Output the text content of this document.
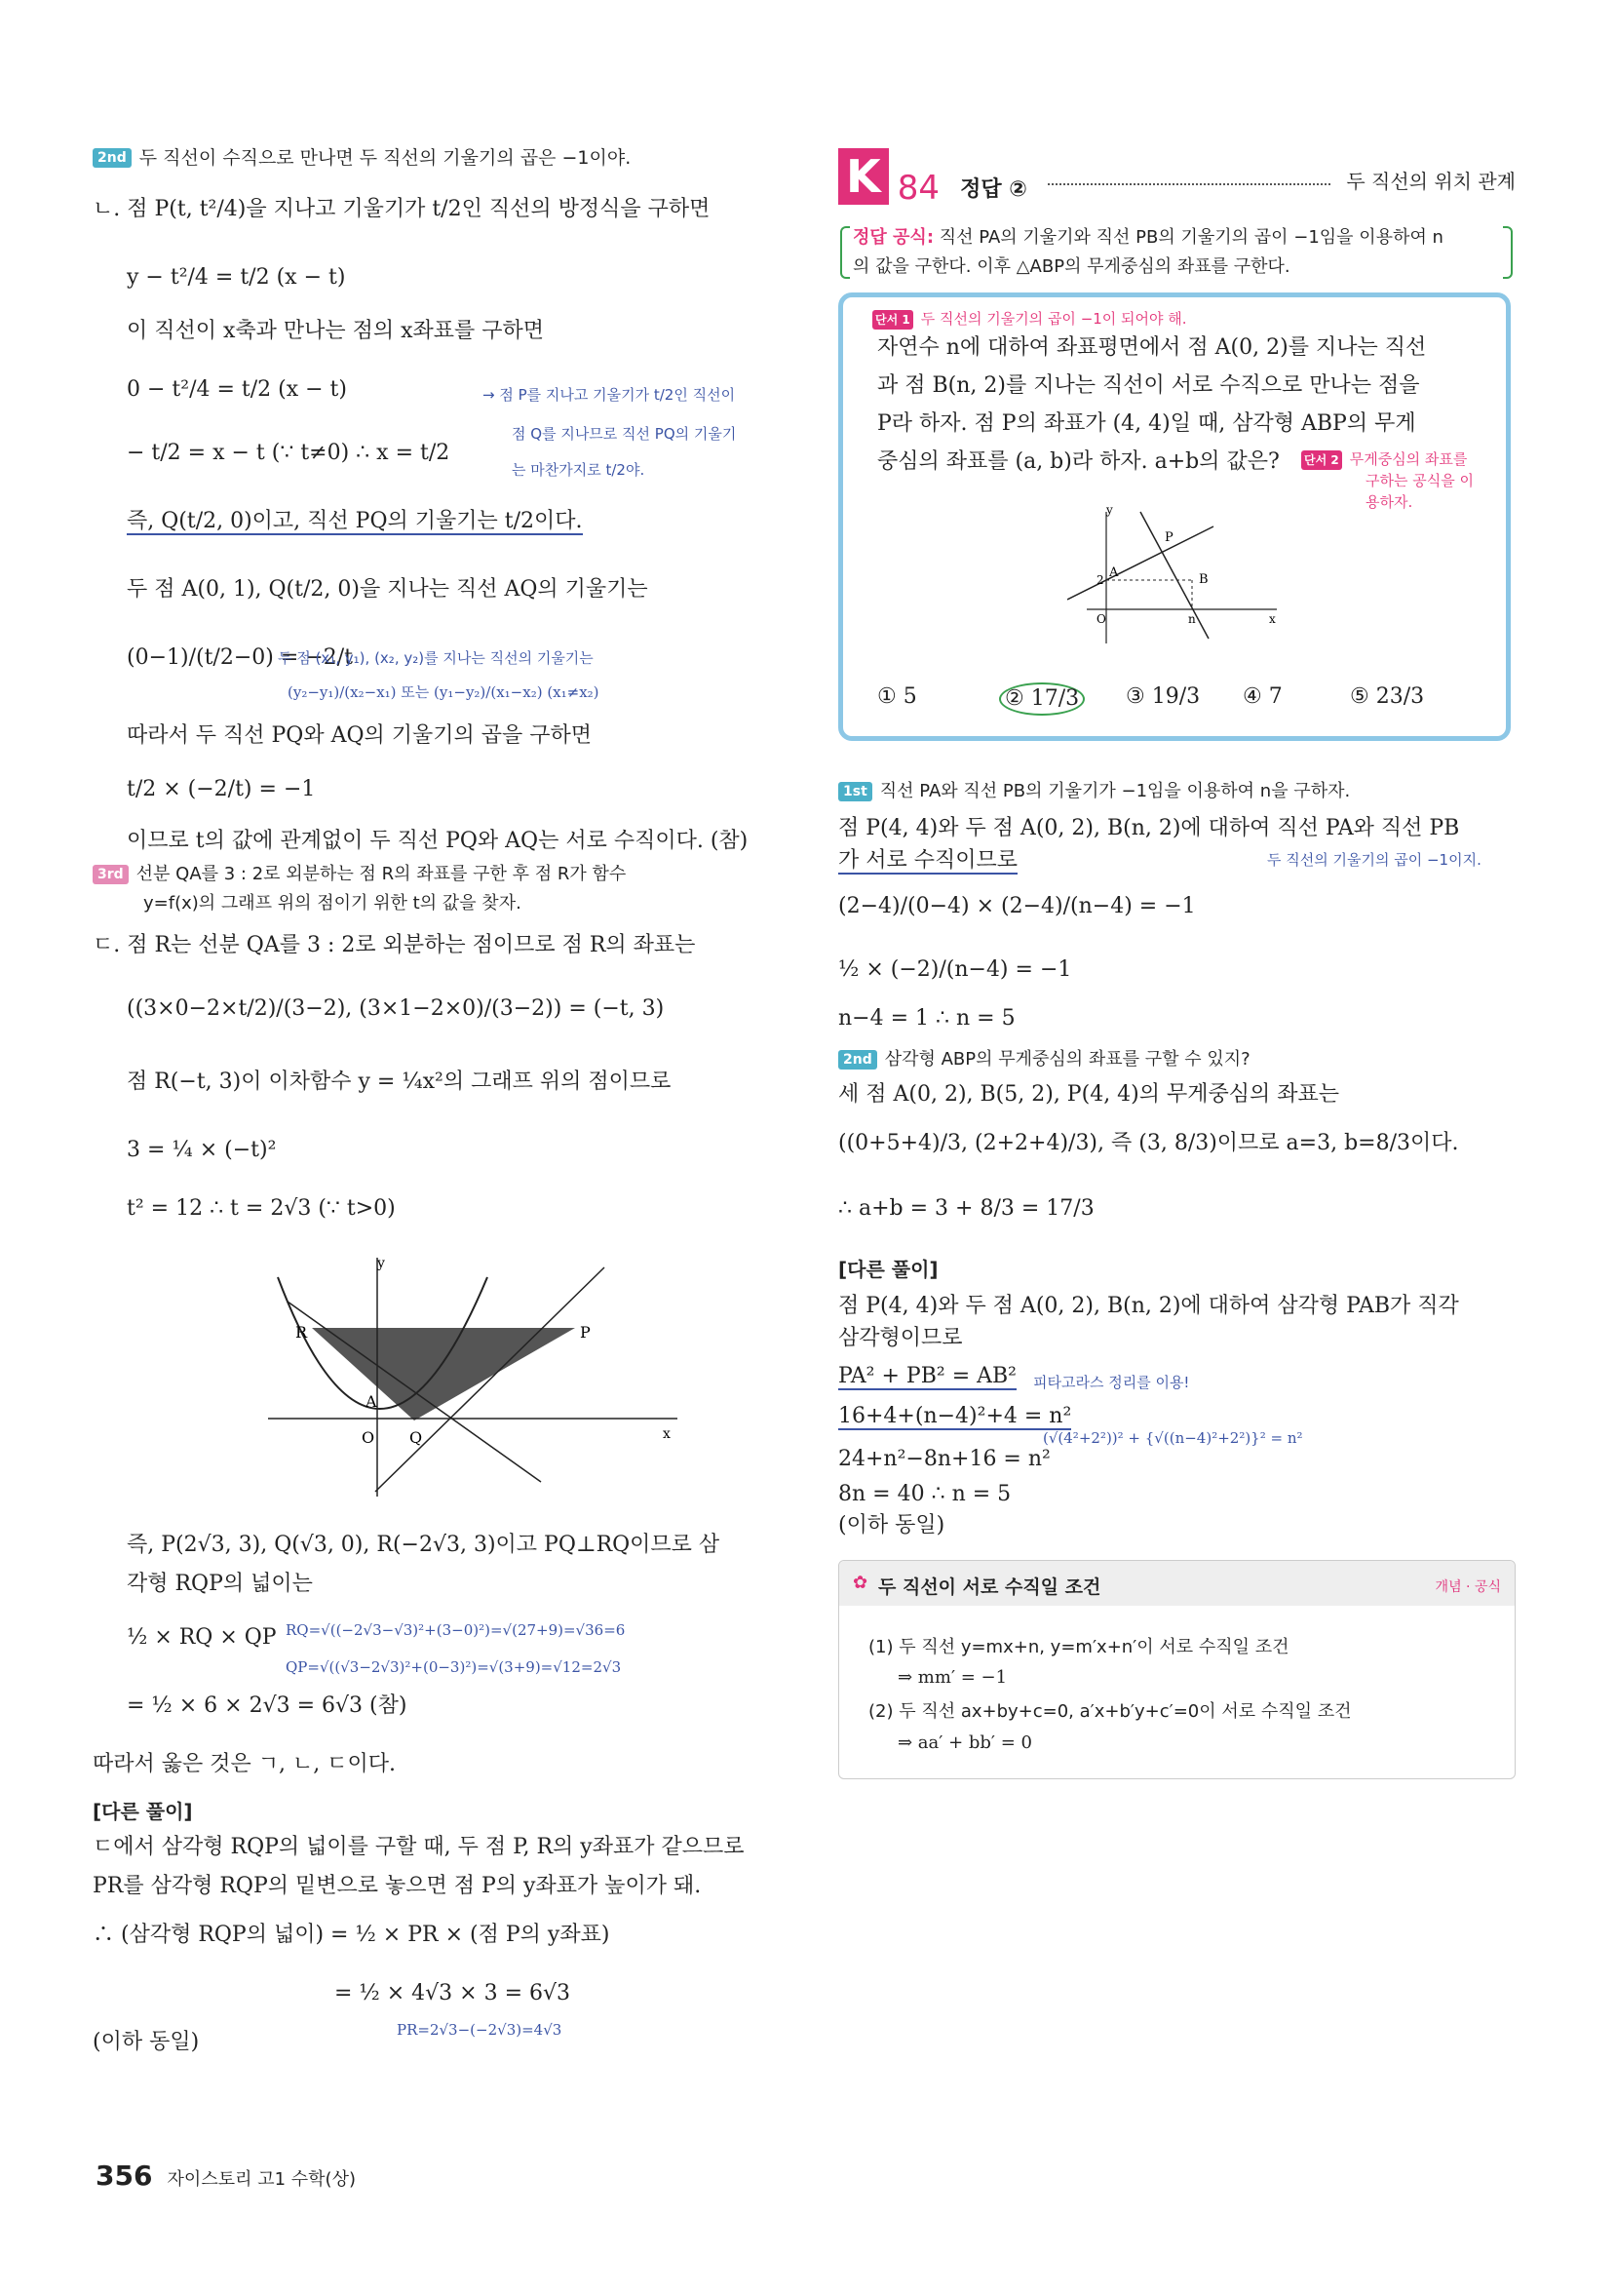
2nd 두 직선이 수직으로 만나면 두 직선의 기울기의 곱은 −1이야.
ㄴ. 점 P(t, t²/4)을 지나고 기울기가 t/2인 직선의 방정식을 구하면
y − t²/4 = t/2 (x − t)
이 직선이 x축과 만나는 점의 x좌표를 구하면
0 − t²/4 = t/2 (x − t)
− t/2 = x − t (∵ t≠0) ∴ x = t/2
→ 점 P를 지나고 기울기가 t/2인 직선이
점 Q를 지나므로 직선 PQ의 기울기
는 마찬가지로 t/2야.
즉, Q(t/2, 0)이고, 직선 PQ의 기울기는 t/2이다.
두 점 A(0, 1), Q(t/2, 0)을 지나는 직선 AQ의 기울기는
(0−1)/(t/2−0) = −2/t
두 점 (x₁, y₁), (x₂, y₂)를 지나는 직선의 기울기는
(y₂−y₁)/(x₂−x₁) 또는 (y₁−y₂)/(x₁−x₂) (x₁≠x₂)
따라서 두 직선 PQ와 AQ의 기울기의 곱을 구하면
t/2 × (−2/t) = −1
이므로 t의 값에 관계없이 두 직선 PQ와 AQ는 서로 수직이다. (참)
3rd 선분 QA를 3 : 2로 외분하는 점 R의 좌표를 구한 후 점 R가 함수
y=f(x)의 그래프 위의 점이기 위한 t의 값을 찾자.
ㄷ. 점 R는 선분 QA를 3 : 2로 외분하는 점이므로 점 R의 좌표는
((3×0−2×t/2)/(3−2), (3×1−2×0)/(3−2)) = (−t, 3)
점 R(−t, 3)이 이차함수 y = ¼x²의 그래프 위의 점이므로
3 = ¼ × (−t)²
t² = 12 ∴ t = 2√3 (∵ t>0)
y
x
R	P
A
O Q
즉, P(2√3, 3), Q(√3, 0), R(−2√3, 3)이고 PQ⊥RQ이므로 삼
각형 RQP의 넓이는
½ × RQ × QP RQ=√((−2√3−√3)²+(3−0)²)=√(27+9)=√36=6
QP=√((√3−2√3)²+(0−3)²)=√(3+9)=√12=2√3
= ½ × 6 × 2√3 = 6√3 (참)
따라서 옳은 것은 ㄱ, ㄴ, ㄷ이다.
[다른 풀이]
ㄷ에서 삼각형 RQP의 넓이를 구할 때, 두 점 P, R의 y좌표가 같으므로
PR를 삼각형 RQP의 밑변으로 놓으면 점 P의 y좌표가 높이가 돼.
∴ (삼각형 RQP의 넓이) = ½ × PR × (점 P의 y좌표)
= ½ × 4√3 × 3 = 6√3
PR=2√3−(−2√3)=4√3
(이하 동일)
K 84 정답 ②	두 직선의 위치 관계
정답 공식: 직선 PA의 기울기와 직선 PB의 기울기의 곱이 −1임을 이용하여 n
의 값을 구한다. 이후 △ABP의 무게중심의 좌표를 구한다.
단서 1 두 직선의 기울기의 곱이 −1이 되어야 해.
자연수 n에 대하여 좌표평면에서 점 A(0, 2)를 지나는 직선
과 점 B(n, 2)를 지나는 직선이 서로 수직으로 만나는 점을
P라 하자. 점 P의 좌표가 (4, 4)일 때, 삼각형 ABP의 무게
중심의 좌표를 (a, b)라 하자. a+b의 값은? 단서 2 무게중심의 좌표를
구하는 공식을 이
용하자.
y
x
P
A	B
O	n
2
① 5	② 17/3 ③ 19/3 ④ 7	⑤ 23/3
1st 직선 PA와 직선 PB의 기울기가 −1임을 이용하여 n을 구하자.
점 P(4, 4)와 두 점 A(0, 2), B(n, 2)에 대하여 직선 PA와 직선 PB
가 서로 수직이므로	두 직선의 기울기의 곱이 −1이지.
(2−4)/(0−4) × (2−4)/(n−4) = −1
½ × (−2)/(n−4) = −1
n−4 = 1 ∴ n = 5
2nd 삼각형 ABP의 무게중심의 좌표를 구할 수 있지?
세 점 A(0, 2), B(5, 2), P(4, 4)의 무게중심의 좌표는
((0+5+4)/3, (2+2+4)/3), 즉 (3, 8/3)이므로 a=3, b=8/3이다.
∴ a+b = 3 + 8/3 = 17/3
[다른 풀이]
점 P(4, 4)와 두 점 A(0, 2), B(n, 2)에 대하여 삼각형 PAB가 직각
삼각형이므로
PA² + PB² = AB² 피타고라스 정리를 이용!
16+4+(n−4)²+4 = n²
(√(4²+2²))² + {√((n−4)²+2²)}² = n²
24+n²−8n+16 = n²
8n = 40 ∴ n = 5
(이하 동일)
✿ 두 직선이 서로 수직일 조건	개념 · 공식
(1) 두 직선 y=mx+n, y=m′x+n′이 서로 수직일 조건
⇒ mm′ = −1
(2) 두 직선 ax+by+c=0, a′x+b′y+c′=0이 서로 수직일 조건
⇒ aa′ + bb′ = 0
356 자이스토리 고1 수학(상)
